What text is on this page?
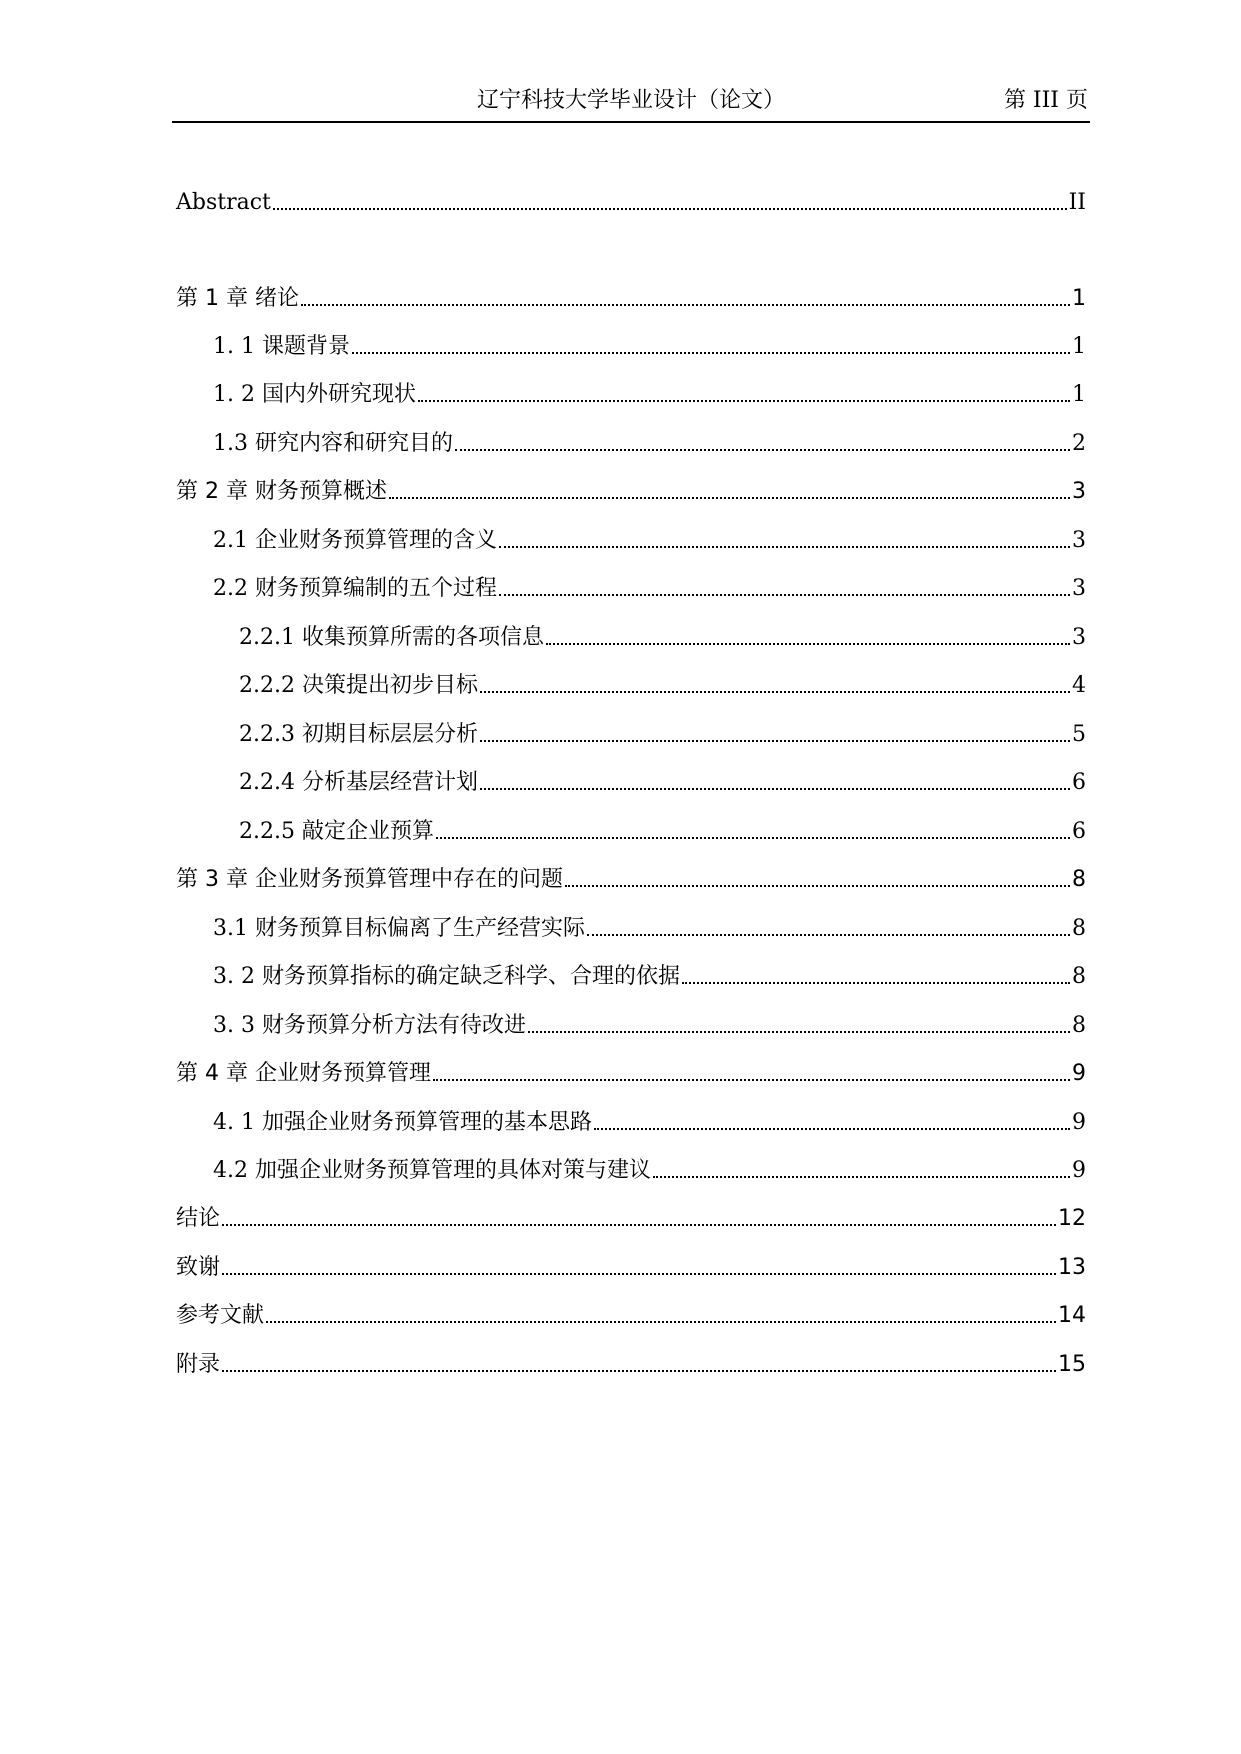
辽宁科技大学毕业设计（论文）	第 III 页
Abstract	II
第 1 章 绪论	1
1. 1 课题背景	1
1. 2 国内外研究现状	1
1.3 研究内容和研究目的	2
第 2 章 财务预算概述	3
2.1 企业财务预算管理的含义	3
2.2 财务预算编制的五个过程	3
2.2.1 收集预算所需的各项信息	3
2.2.2 决策提出初步目标	4
2.2.3 初期目标层层分析	5
2.2.4 分析基层经营计划	6
2.2.5 敲定企业预算	6
第 3 章 企业财务预算管理中存在的问题	8
3.1 财务预算目标偏离了生产经营实际	8
3. 2 财务预算指标的确定缺乏科学、合理的依据	8
3. 3 财务预算分析方法有待改进	8
第 4 章 企业财务预算管理	9
4. 1 加强企业财务预算管理的基本思路	9
4.2 加强企业财务预算管理的具体对策与建议	9
结论	12
致谢	13
参考文献	14
附录	15
